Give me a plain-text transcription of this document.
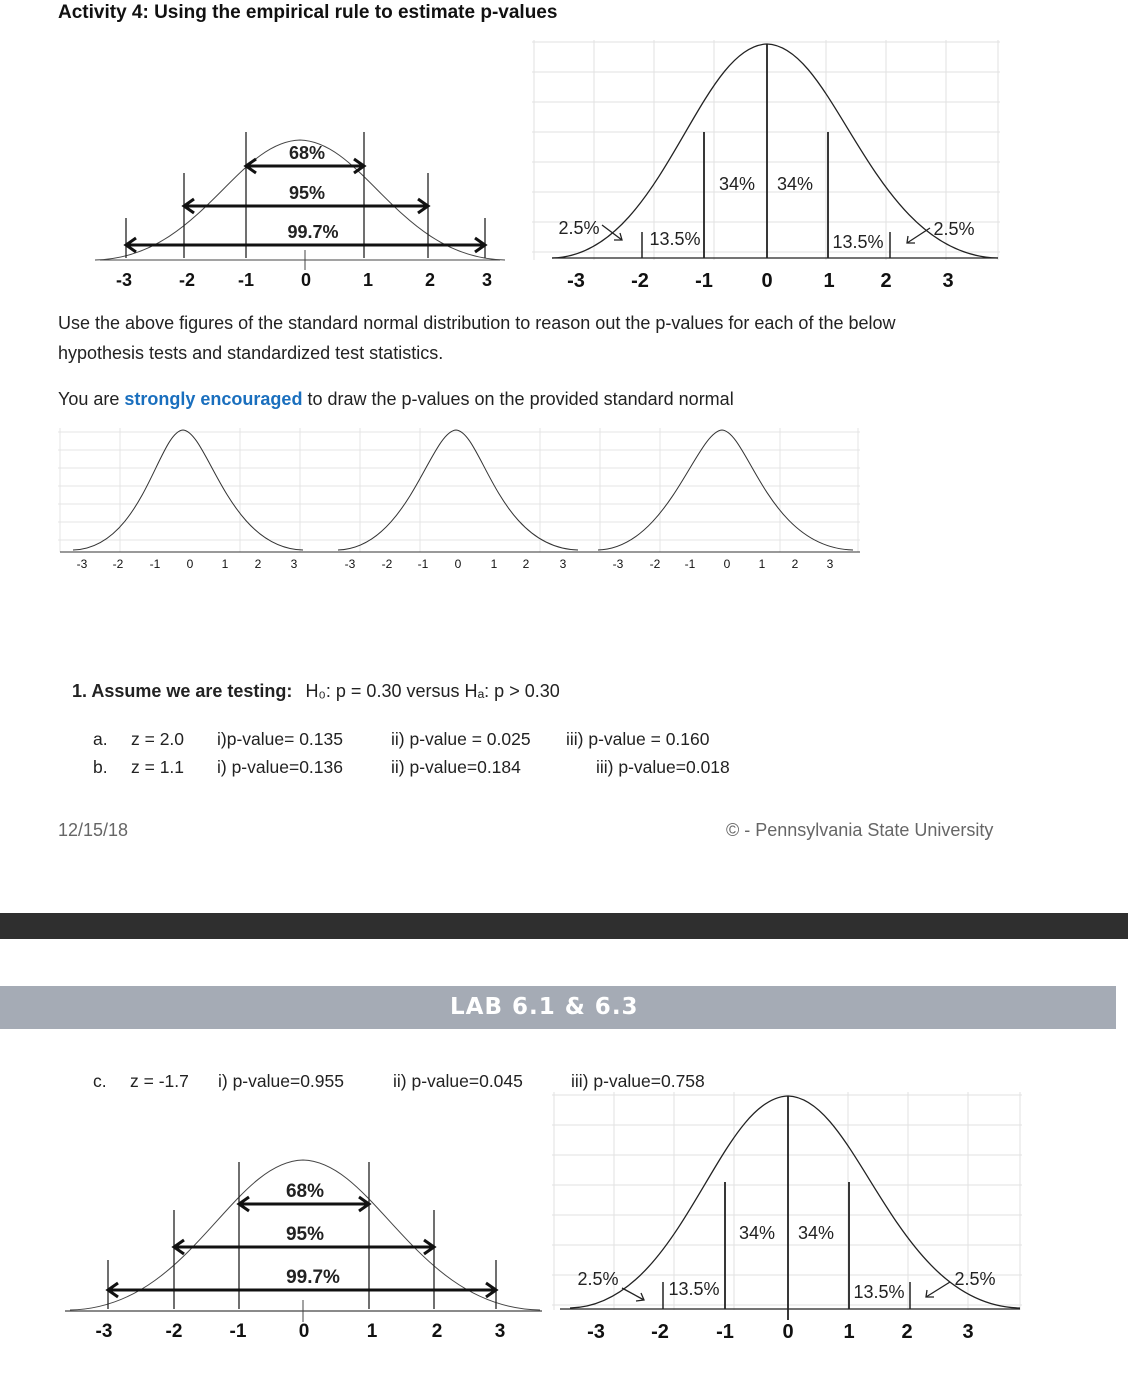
Activity 4: Using the empirical rule to estimate p-values
68%
95%
99.7%
-3	-2 -1	0	1	2	3
34% 34%
13.5%	13.5%
2.5%	2.5%
-3 -2 -1 0	1 2	3
Use the above figures of the standard normal distribution to reason out the p-values for each of the below
hypothesis tests and standardized test statistics.
You are strongly encouraged to draw the p-values on the provided standard normal
-3 -2 -1 0 1 2 3	-3 -2 -1 0 1 2	3	-3 -2 -1 0 1 2 3
1. Assume we are testing: H₀: p = 0.30 versus Hₐ: p > 0.30
a. z = 2.0 i)p-value= 0.135	ii) p-value = 0.025 iii) p-value = 0.160
b. z = 1.1 i) p-value=0.136	ii) p-value=0.184	iii) p-value=0.018
12/15/18	© - Pennsylvania State University
LAB 6.1 & 6.3
c. z = -1.7 i) p-value=0.955	ii) p-value=0.045	iii) p-value=0.758
68%
95%
99.7%
-3	-2 -1	0	1	2	3
34% 34%
13.5%	13.5%
2.5%	2.5%
-3 -2 -1 0 1 2 3
